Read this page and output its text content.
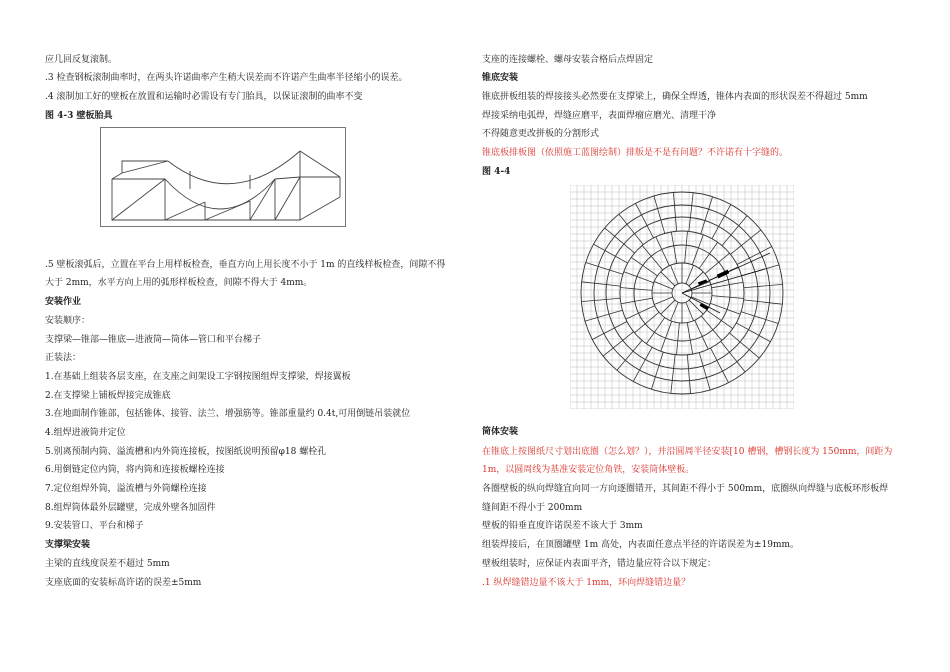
应几回反复滚制。
.3 检查钢板滚制曲率时，在两头许诺曲率产生稍大误差而不许诺产生曲率半径缩小的误差。
.4 滚制加工好的壁板在放置和运输时必需设有专门胎具，以保证滚制的曲率不变
图 4-3 壁板胎具
.5 壁板滚弧后，立置在平台上用样板检查，垂直方向上用长度不小于 1m 的直线样板检查，间隙不得
大于 2mm，水平方向上用的弧形样板检查，间隙不得大于 4mm。
安装作业
安装顺序：
支撑梁—锥部—锥底—进液筒—筒体—管口和平台梯子
正装法：
1.在基础上组装各层支座，在支座之间架设工字钢按图组焊支撑梁，焊接翼板
2.在支撑梁上铺板焊接完成锥底
3.在地面制作锥部，包括锥体、接管、法兰、增强筋等。锥部重量约 0.4t,可用倒链吊装就位
4.组焊进液筒并定位
5.别离预制内筒、溢流槽和内外筒连接板，按图纸说明预留φ18 螺栓孔
6.用倒链定位内筒，将内筒和连接板螺栓连接
7.定位组焊外筒，溢流槽与外筒螺栓连接
8.组焊筒体最外层罐壁，完成外壁各加固件
9.安装管口、平台和梯子
支撑梁安装
主梁的直线度误差不超过 5mm
支座底面的安装标高许诺的误差±5mm
支座的连接螺栓、螺母安装合格后点焊固定
锥底安装
锥底拼板组装的焊接接头必然要在支撑梁上，确保全焊透，锥体内表面的形状误差不得超过 5mm
焊接采纳电弧焊，焊缝应磨平，表面焊瘤应磨光、清理干净
不得随意更改拼板的分割形式
锥底板排板图（依照施工蓝图绘制）排版是不是有问题？不许诺有十字缝的。
图 4-4
筒体安装
在锥底上按图纸尺寸划出底圈（怎么划？），并沿圆周半径安装[10 槽钢，槽钢长度为 150mm，间距为
1m，以圆周线为基准安装定位角铁，安装筒体壁板。
各圈壁板的纵向焊缝宜向同一方向逐圈错开，其间距不得小于 500mm，底圈纵向焊缝与底板环形板焊
缝间距不得小于 200mm
壁板的铅垂直度许诺误差不该大于 3mm
组装焊接后，在顶圈罐壁 1m 高处，内表面任意点半径的许诺误差为±19mm。
壁板组装时，应保证内表面平齐，错边量应符合以下规定：
.1 纵焊缝错边量不该大于 1mm，环向焊缝错边量？
